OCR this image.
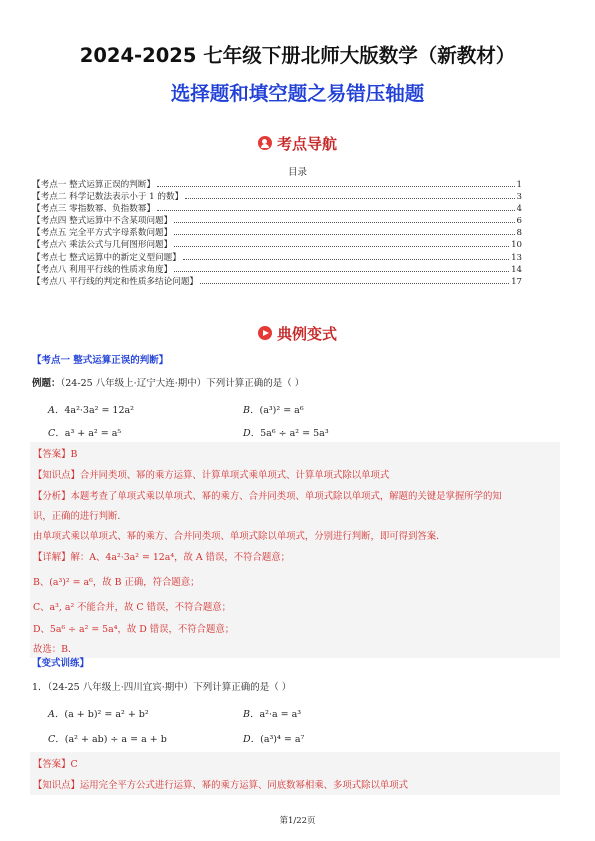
2024-2025 七年级下册北师大版数学（新教材）
选择题和填空题之易错压轴题
考点导航
目录
【考点一 整式运算正误的判断】	1
【考点二 科学记数法表示小于 1 的数】	3
【考点三 零指数幂、负指数幂】	4
【考点四 整式运算中不含某项问题】	6
【考点五 完全平方式字母系数问题】	8
【考点六 乘法公式与几何图形问题】	10
【考点七 整式运算中的新定义型问题】	13
【考点八 利用平行线的性质求角度】	14
【考点八 平行线的判定和性质多结论问题】	17
典例变式
【考点一 整式运算正误的判断】
例题：（24-25 八年级上·辽宁大连·期中）下列计算正确的是（ ）
A．4a²·3a² = 12a²	B．(a³)² = a⁶
C．a³ + a² = a⁵	D．5a⁶ ÷ a² = 5a³
【答案】B
【知识点】合并同类项、幂的乘方运算、计算单项式乘单项式、计算单项式除以单项式
【分析】本题考查了单项式乘以单项式、幂的乘方、合并同类项、单项式除以单项式，解题的关键是掌握所学的知
识，正确的进行判断．
由单项式乘以单项式、幂的乘方、合并同类项、单项式除以单项式，分别进行判断，即可得到答案．
【详解】解：A、4a²·3a² = 12a⁴，故 A 错误，不符合题意；
B、(a³)² = a⁶，故 B 正确，符合题意；
C、a³, a² 不能合并，故 C 错误，不符合题意；
D、5a⁶ ÷ a² = 5a⁴，故 D 错误，不符合题意；
故选：B．
【变式训练】
1．（24-25 八年级上·四川宜宾·期中）下列计算正确的是（ ）
A．(a + b)² = a² + b²	B．a²·a = a³
C．(a² + ab) ÷ a = a + b	D．(a³)⁴ = a⁷
【答案】C
【知识点】运用完全平方公式进行运算、幂的乘方运算、同底数幂相乘、多项式除以单项式
第1/22页
